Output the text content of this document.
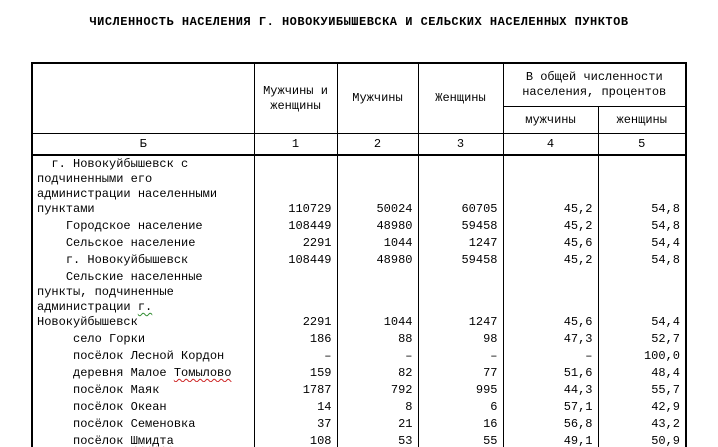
ЧИСЛЕННОСТЬ НАСЕЛЕНИЯ Г. НОВОКУИБЫШЕВСКА И СЕЛЬСКИХ НАСЕЛЕННЫХ ПУНКТОВ
	Мужчины и женщины	Мужчины	Женщины	В общей численности населения, процентов	
				мужчины	женщины
Б	1	2	3	4	5
г. Новокуйбышевск с
подчиненными его
администрации населенными
пунктами	110729	50024	60705	45,2	54,8
Городское население	108449	48980	59458	45,2	54,8
Сельское население	2291	1044	1247	45,6	54,4
г. Новокуйбышевск	108449	48980	59458	45,2	54,8
Сельские населенные
пункты, подчиненные
администрации г.
Новокуйбышевск	2291	1044	1247	45,6	54,4
село Горки	186	88	98	47,3	52,7
посёлок Лесной Кордон	–	–	–	–	100,0
деревня Малое Томылово	159	82	77	51,6	48,4
посёлок Маяк	1787	792	995	44,3	55,7
посёлок Океан	14	8	6	57,1	42,9
посёлок Семеновка	37	21	16	56,8	43,2
посёлок Шмидта	108	53	55	49,1	50,9
